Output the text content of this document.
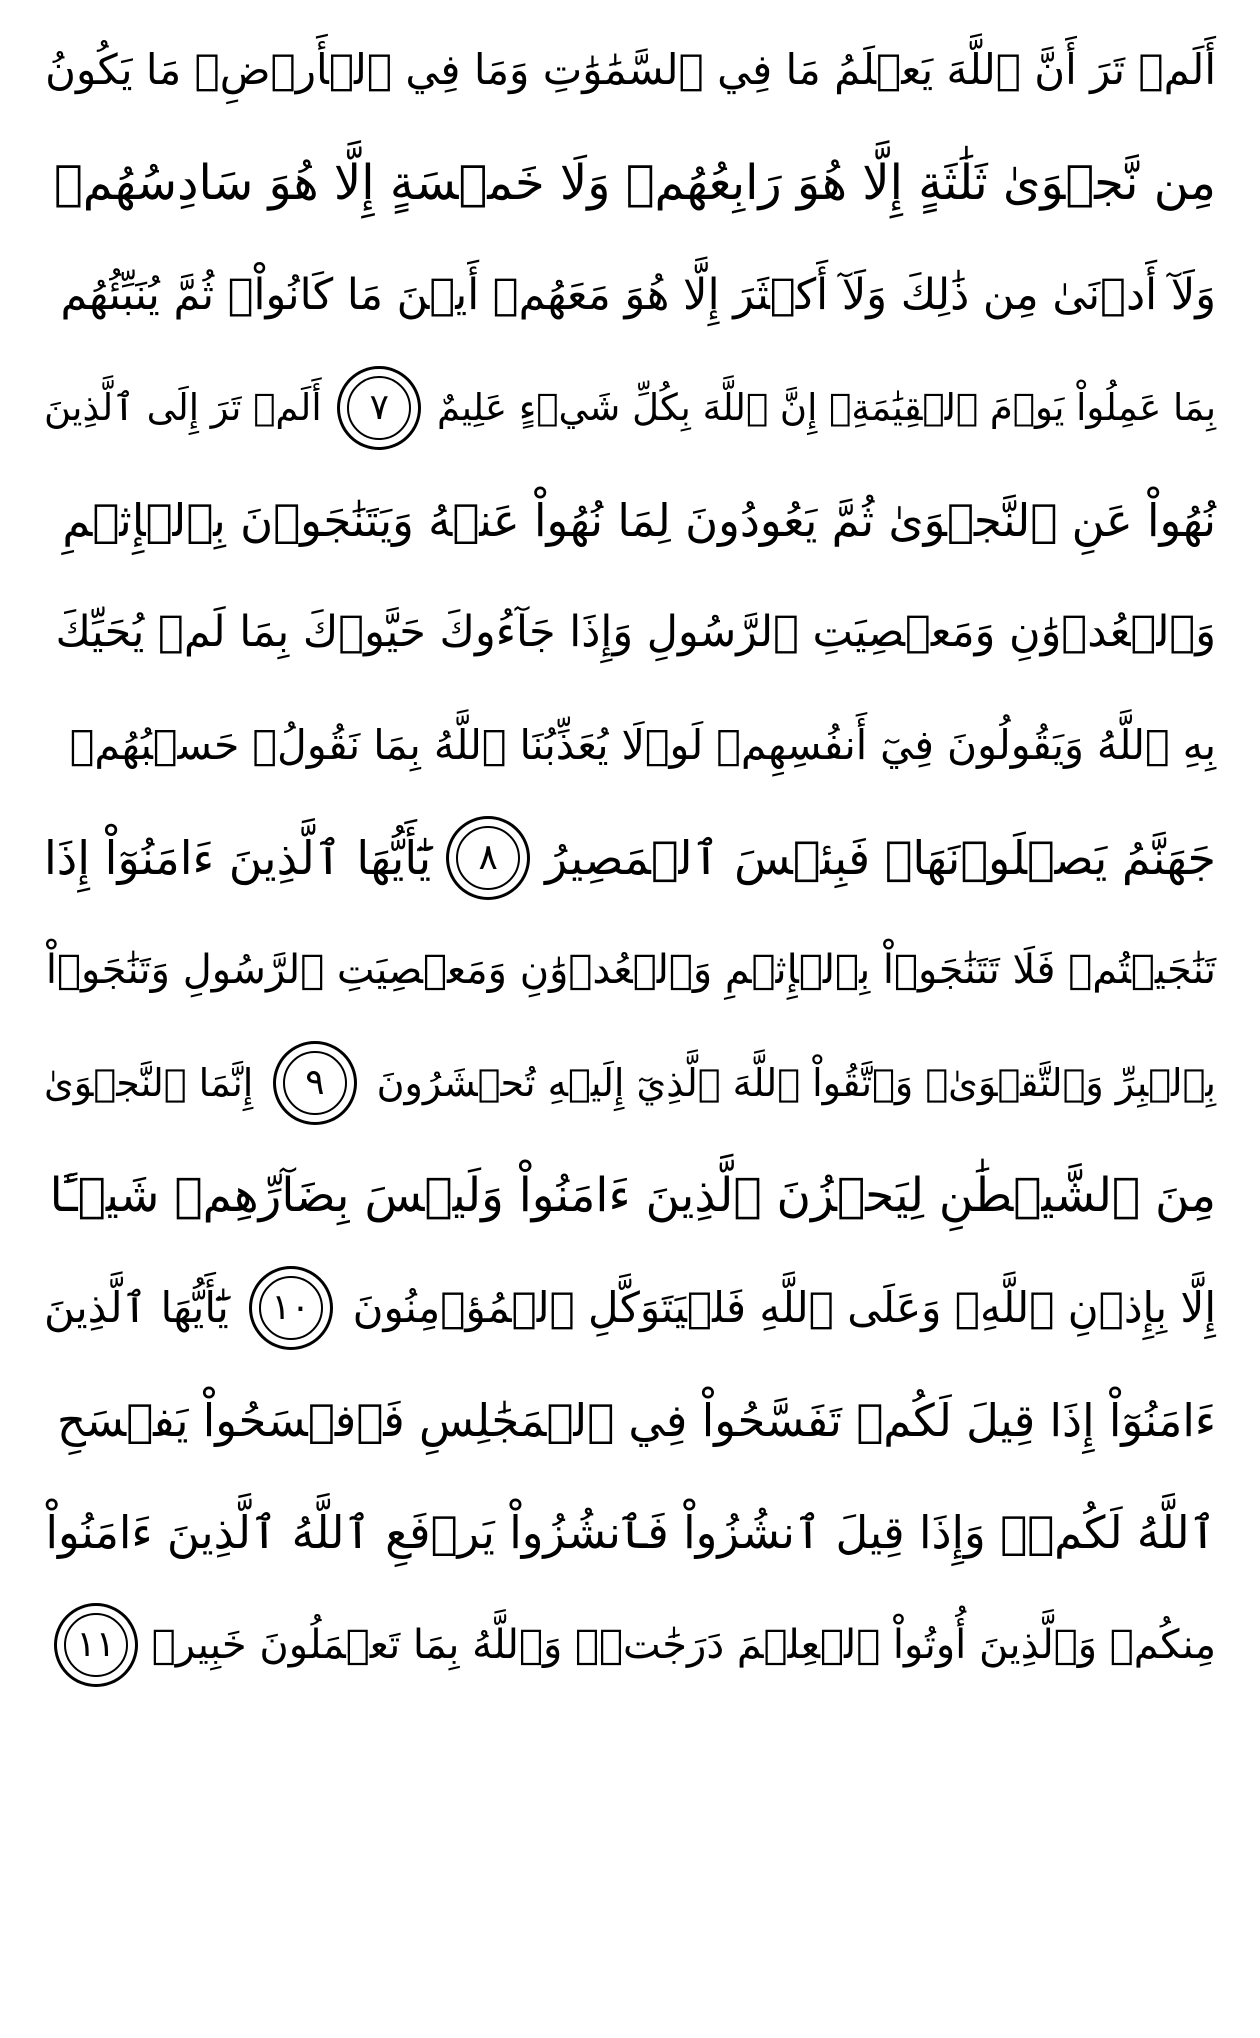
أَلَمۡ تَرَ أَنَّ ٱللَّهَ يَعۡلَمُ مَا فِي ٱلسَّمَٰوَٰتِ وَمَا فِي ٱلۡأَرۡضِۖ مَا يَكُونُ
مِن نَّجۡوَىٰ ثَلَٰثَةٍ إِلَّا هُوَ رَابِعُهُمۡ وَلَا خَمۡسَةٍ إِلَّا هُوَ سَادِسُهُمۡ
وَلَآ أَدۡنَىٰ مِن ذَٰلِكَ وَلَآ أَكۡثَرَ إِلَّا هُوَ مَعَهُمۡ أَيۡنَ مَا كَانُواْۖ ثُمَّ يُنَبِّئُهُم
بِمَا عَمِلُواْ يَوۡمَ ٱلۡقِيَٰمَةِۚ إِنَّ ٱللَّهَ بِكُلِّ شَيۡءٍ عَلِيمٌ
٧
أَلَمۡ تَرَ إِلَى ٱلَّذِينَ
نُهُواْ عَنِ ٱلنَّجۡوَىٰ ثُمَّ يَعُودُونَ لِمَا نُهُواْ عَنۡهُ وَيَتَنَٰجَوۡنَ بِٱلۡإِثۡمِ
وَٱلۡعُدۡوَٰنِ وَمَعۡصِيَتِ ٱلرَّسُولِ وَإِذَا جَآءُوكَ حَيَّوۡكَ بِمَا لَمۡ يُحَيِّكَ
بِهِ ٱللَّهُ وَيَقُولُونَ فِيٓ أَنفُسِهِمۡ لَوۡلَا يُعَذِّبُنَا ٱللَّهُ بِمَا نَقُولُۚ حَسۡبُهُمۡ
جَهَنَّمُ يَصۡلَوۡنَهَاۖ فَبِئۡسَ ٱلۡمَصِيرُ
٨
يَٰٓأَيُّهَا ٱلَّذِينَ ءَامَنُوٓاْ إِذَا
تَنَٰجَيۡتُمۡ فَلَا تَتَنَٰجَوۡاْ بِٱلۡإِثۡمِ وَٱلۡعُدۡوَٰنِ وَمَعۡصِيَتِ ٱلرَّسُولِ وَتَنَٰجَوۡاْ
بِٱلۡبِرِّ وَٱلتَّقۡوَىٰۖ وَٱتَّقُواْ ٱللَّهَ ٱلَّذِيٓ إِلَيۡهِ تُحۡشَرُونَ
٩
إِنَّمَا ٱلنَّجۡوَىٰ
مِنَ ٱلشَّيۡطَٰنِ لِيَحۡزُنَ ٱلَّذِينَ ءَامَنُواْ وَلَيۡسَ بِضَآرِّهِمۡ شَيۡـًٔا
إِلَّا بِإِذۡنِ ٱللَّهِۚ وَعَلَى ٱللَّهِ فَلۡيَتَوَكَّلِ ٱلۡمُؤۡمِنُونَ
١٠
يَٰٓأَيُّهَا ٱلَّذِينَ
ءَامَنُوٓاْ إِذَا قِيلَ لَكُمۡ تَفَسَّحُواْ فِي ٱلۡمَجَٰلِسِ فَٱفۡسَحُواْ يَفۡسَحِ
ٱللَّهُ لَكُمۡۖ وَإِذَا قِيلَ ٱنشُزُواْ فَٱنشُزُواْ يَرۡفَعِ ٱللَّهُ ٱلَّذِينَ ءَامَنُواْ
مِنكُمۡ وَٱلَّذِينَ أُوتُواْ ٱلۡعِلۡمَ دَرَجَٰتٖۚ وَٱللَّهُ بِمَا تَعۡمَلُونَ خَبِيرٞ
١١
